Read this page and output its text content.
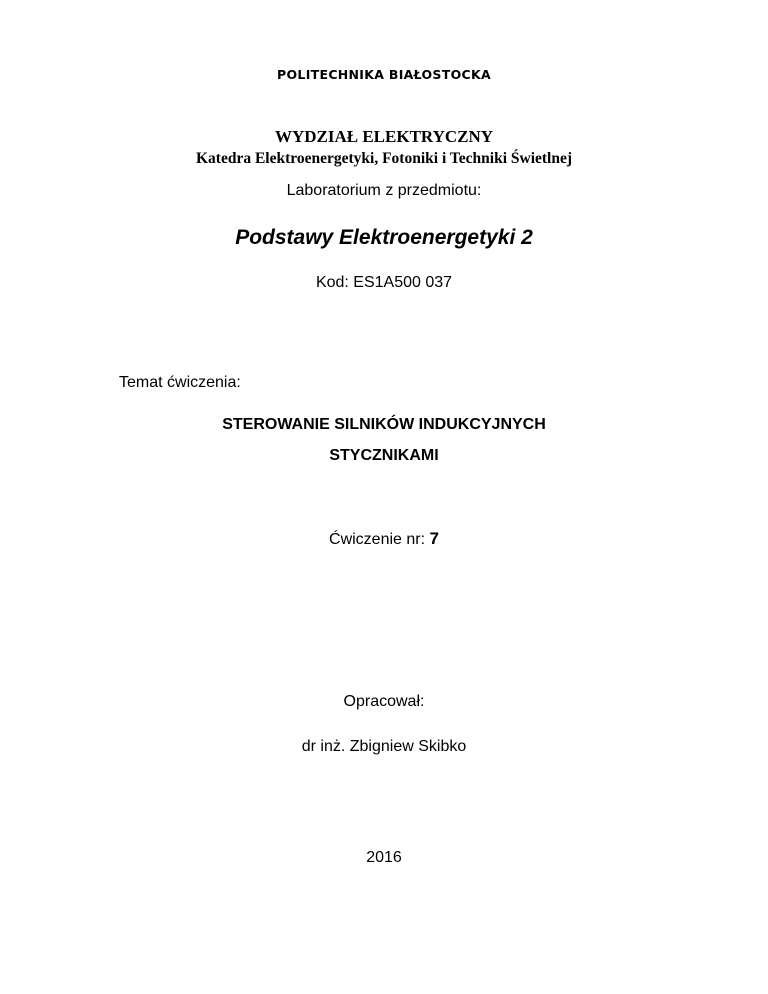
POLITECHNIKA BIAŁOSTOCKA
WYDZIAŁ ELEKTRYCZNY
Katedra Elektroenergetyki, Fotoniki i Techniki Świetlnej
Laboratorium z przedmiotu:
Podstawy Elektroenergetyki 2
Kod: ES1A500 037
Temat ćwiczenia:
STEROWANIE SILNIKÓW INDUKCYJNYCH
STYCZNIKAMI
Ćwiczenie nr: 7
Opracował:
dr inż. Zbigniew Skibko
2016
